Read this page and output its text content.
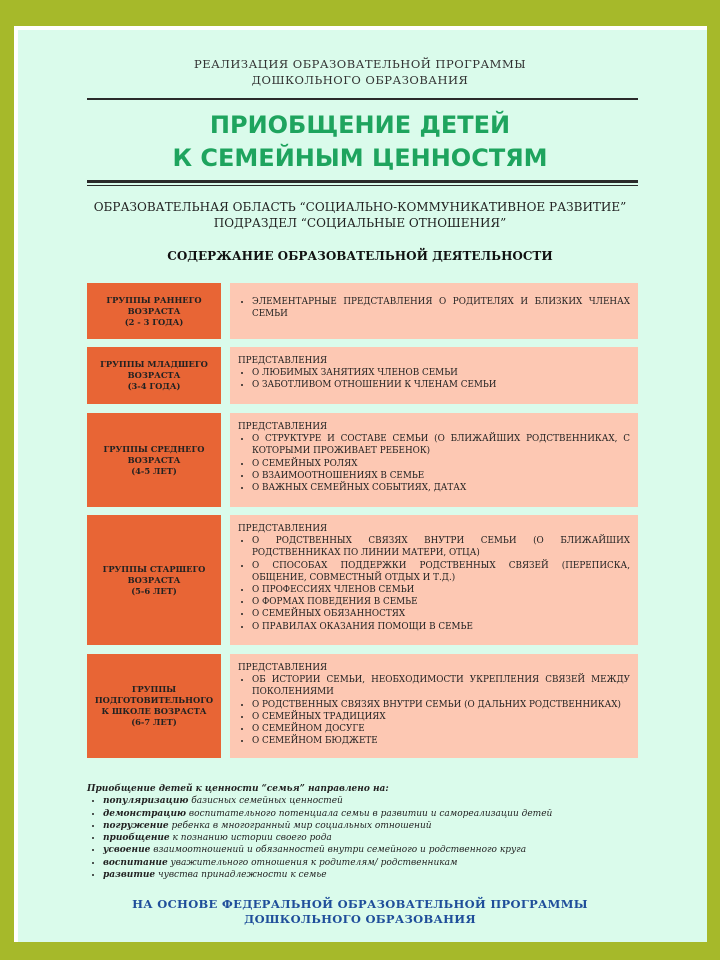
РЕАЛИЗАЦИЯ ОБРАЗОВАТЕЛЬНОЙ ПРОГРАММЫ
ДОШКОЛЬНОГО ОБРАЗОВАНИЯ
ПРИОБЩЕНИЕ ДЕТЕЙ
К СЕМЕЙНЫМ ЦЕННОСТЯМ
ОБРАЗОВАТЕЛЬНАЯ ОБЛАСТЬ “СОЦИАЛЬНО-КОММУНИКАТИВНОЕ РАЗВИТИЕ”
ПОДРАЗДЕЛ “СОЦИАЛЬНЫЕ ОТНОШЕНИЯ”
СОДЕРЖАНИЕ ОБРАЗОВАТЕЛЬНОЙ ДЕЯТЕЛЬНОСТИ
ГРУППЫ РАННЕГО
ВОЗРАСТА
(2 - 3 ГОДА)
• ЭЛЕМЕНТАРНЫЕ ПРЕДСТАВЛЕНИЯ О РОДИТЕЛЯХ И БЛИЗКИХ ЧЛЕНАХ СЕМЬИ
ГРУППЫ МЛАДШЕГО
ВОЗРАСТА
(3-4 ГОДА)

ПРЕДСТАВЛЕНИЯ

• О ЛЮБИМЫХ ЗАНЯТИЯХ ЧЛЕНОВ СЕМЬИ
• О ЗАБОТЛИВОМ ОТНОШЕНИИ К ЧЛЕНАМ СЕМЬИ
ГРУППЫ СРЕДНЕГО
ВОЗРАСТА
(4-5 ЛЕТ)

ПРЕДСТАВЛЕНИЯ

• О СТРУКТУРЕ И СОСТАВЕ СЕМЬИ (О БЛИЖАЙШИХ РОДСТВЕННИКАХ, С КОТОРЫМИ ПРОЖИВАЕТ РЕБЕНОК)
• О СЕМЕЙНЫХ РОЛЯХ
• О ВЗАИМООТНОШЕНИЯХ В СЕМЬЕ
• О ВАЖНЫХ СЕМЕЙНЫХ СОБЫТИЯХ, ДАТАХ
ГРУППЫ СТАРШЕГО
ВОЗРАСТА
(5-6 ЛЕТ)

ПРЕДСТАВЛЕНИЯ

• О РОДСТВЕННЫХ СВЯЗЯХ ВНУТРИ СЕМЬИ (О БЛИЖАЙШИХ РОДСТВЕННИКАХ ПО ЛИНИИ МАТЕРИ, ОТЦА)
• О СПОСОБАХ ПОДДЕРЖКИ РОДСТВЕННЫХ СВЯЗЕЙ (ПЕРЕПИСКА, ОБЩЕНИЕ, СОВМЕСТНЫЙ ОТДЫХ И Т.Д.)
• О ПРОФЕССИЯХ ЧЛЕНОВ СЕМЬИ
• О ФОРМАХ ПОВЕДЕНИЯ В СЕМЬЕ
• О СЕМЕЙНЫХ ОБЯЗАННОСТЯХ
• О ПРАВИЛАХ ОКАЗАНИЯ ПОМОЩИ В СЕМЬЕ
ГРУППЫ
ПОДГОТОВИТЕЛЬНОГО
К ШКОЛЕ ВОЗРАСТА
(6-7 ЛЕТ)

ПРЕДСТАВЛЕНИЯ

• ОБ ИСТОРИИ СЕМЬИ, НЕОБХОДИМОСТИ УКРЕПЛЕНИЯ СВЯЗЕЙ МЕЖДУ ПОКОЛЕНИЯМИ
• О РОДСТВЕННЫХ СВЯЗЯХ ВНУТРИ СЕМЬИ (О ДАЛЬНИХ РОДСТВЕННИКАХ)
• О СЕМЕЙНЫХ ТРАДИЦИЯХ
• О СЕМЕЙНОМ ДОСУГЕ
• О СЕМЕЙНОМ БЮДЖЕТЕ
Приобщение детей к ценности “семья” направлено на:
• популяризацию базисных семейных ценностей
• демонстрацию воспитательного потенциала семьи в развитии и самореализации детей
• погружение ребенка в многогранный мир социальных отношений
• приобщение к познанию истории своего рода
• усвоение взаимоотношений и обязанностей внутри семейного и родственного круга
• воспитание уважительного отношения к родителям/ родственникам
• развитие чувства принадлежности к семье
НА ОСНОВЕ ФЕДЕРАЛЬНОЙ ОБРАЗОВАТЕЛЬНОЙ ПРОГРАММЫ
ДОШКОЛЬНОГО ОБРАЗОВАНИЯ
